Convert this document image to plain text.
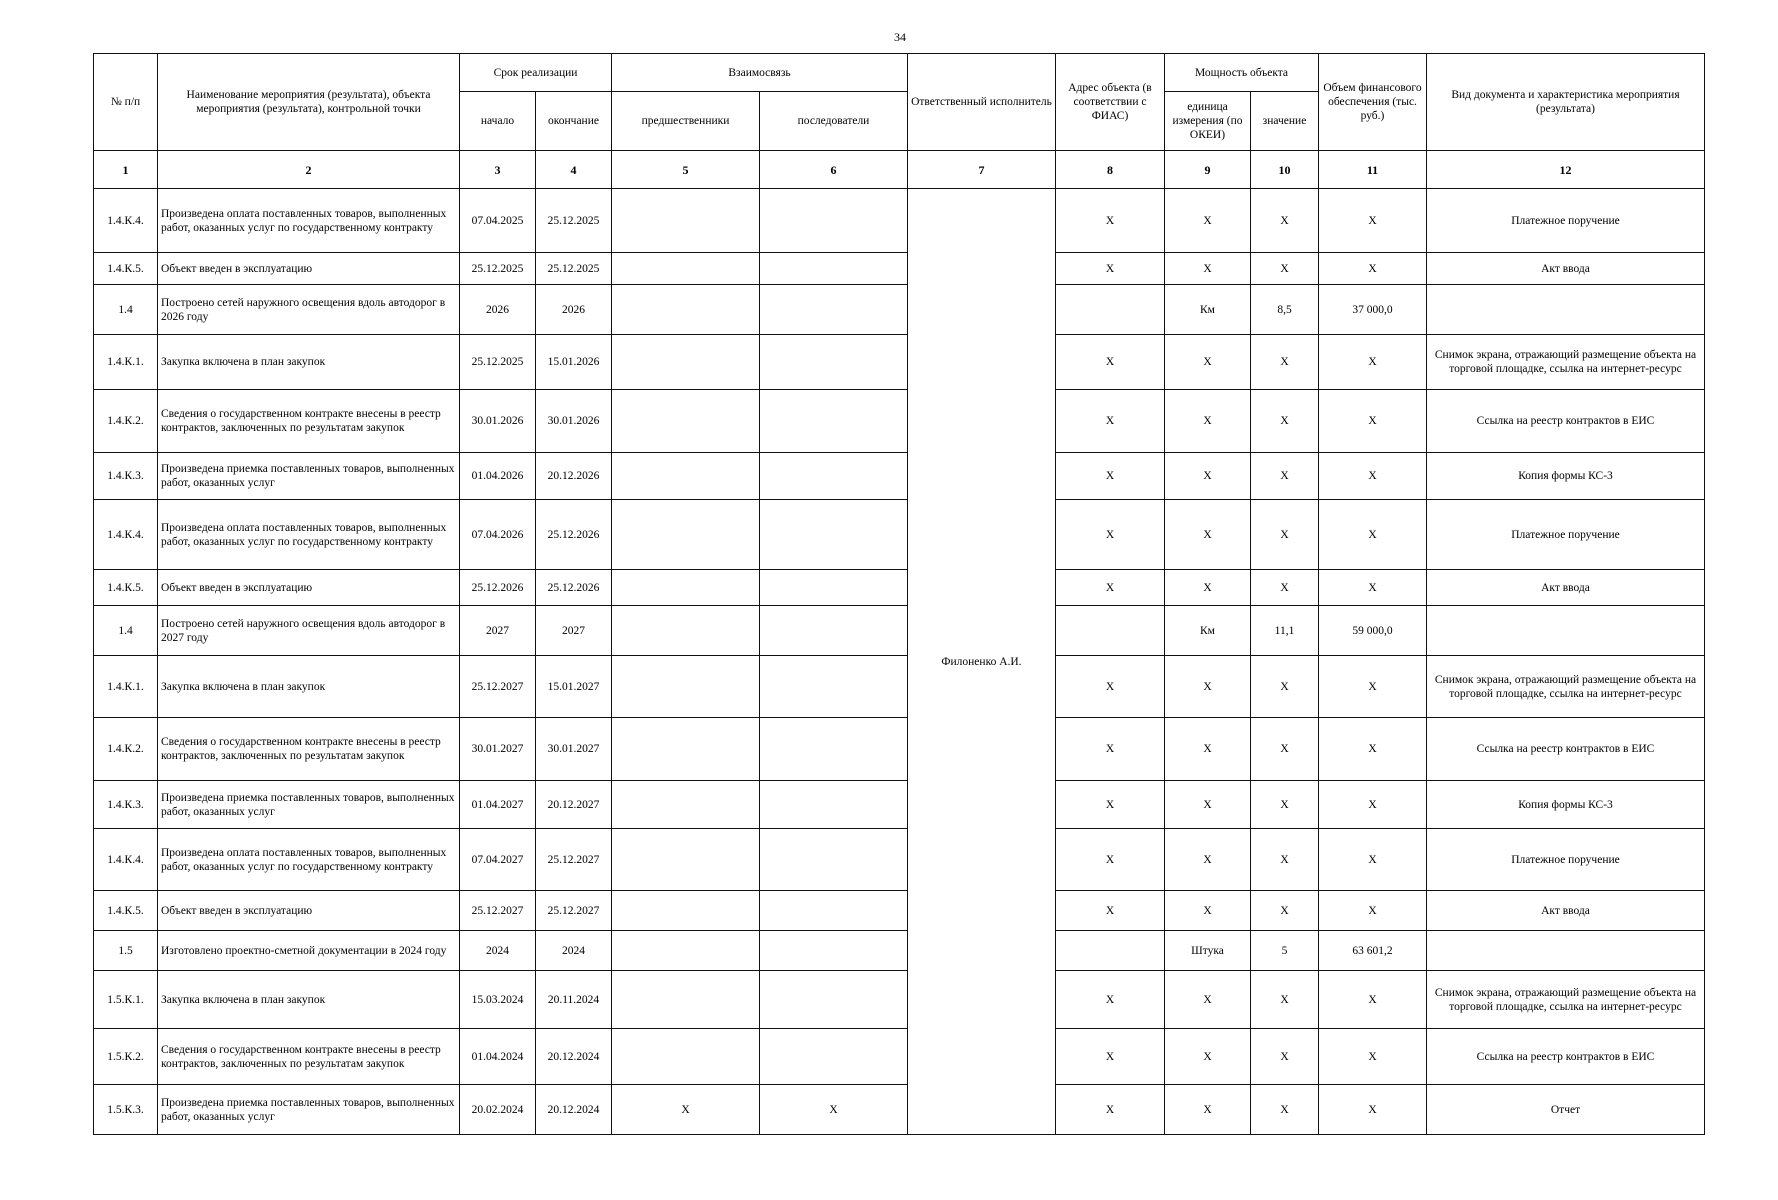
34
№ п/п	Наименование мероприятия (результата), объекта мероприятия (результата), контрольной точки	Срок реализации		Взаимосвязь		Ответственный исполнитель	Адрес объекта (в соответствии с ФИАС)	Мощность объекта		Объем финансового обеспечения (тыс. руб.)	Вид документа и характеристика мероприятия (результата)
		начало	окончание	предшественники	последователи			единица измерения (по ОКЕИ)	значение		
1	2	3	4	5	6	7	8	9	10	11	12
1.4.К.4.	Произведена оплата поставленных товаров, выполненных работ, оказанных услуг по государственному контракту	07.04.2025	25.12.2025			Филоненко А.И.	X	X	X	X	Платежное поручение
1.4.К.5.	Объект введен в эксплуатацию	25.12.2025	25.12.2025				X	X	X	X	Акт ввода
1.4	Построено сетей наружного освещения вдоль автодорог в 2026 году	2026	2026					Км	8,5	37 000,0	
1.4.К.1.	Закупка включена в план закупок	25.12.2025	15.01.2026				X	X	X	X	Снимок экрана, отражающий размещение объекта на торговой площадке, ссылка на интернет-ресурс
1.4.К.2.	Сведения о государственном контракте внесены в реестр контрактов, заключенных по результатам закупок	30.01.2026	30.01.2026				X	X	X	X	Ссылка на реестр контрактов в ЕИС
1.4.К.3.	Произведена приемка поставленных товаров, выполненных работ, оказанных услуг	01.04.2026	20.12.2026				X	X	X	X	Копия формы КС-3
1.4.К.4.	Произведена оплата поставленных товаров, выполненных работ, оказанных услуг по государственному контракту	07.04.2026	25.12.2026				X	X	X	X	Платежное поручение
1.4.К.5.	Объект введен в эксплуатацию	25.12.2026	25.12.2026				X	X	X	X	Акт ввода
1.4	Построено сетей наружного освещения вдоль автодорог в 2027 году	2027	2027					Км	11,1	59 000,0	
1.4.К.1.	Закупка включена в план закупок	25.12.2027	15.01.2027				X	X	X	X	Снимок экрана, отражающий размещение объекта на торговой площадке, ссылка на интернет-ресурс
1.4.К.2.	Сведения о государственном контракте внесены в реестр контрактов, заключенных по результатам закупок	30.01.2027	30.01.2027				X	X	X	X	Ссылка на реестр контрактов в ЕИС
1.4.К.3.	Произведена приемка поставленных товаров, выполненных работ, оказанных услуг	01.04.2027	20.12.2027				X	X	X	X	Копия формы КС-3
1.4.К.4.	Произведена оплата поставленных товаров, выполненных работ, оказанных услуг по государственному контракту	07.04.2027	25.12.2027				X	X	X	X	Платежное поручение
1.4.К.5.	Объект введен в эксплуатацию	25.12.2027	25.12.2027				X	X	X	X	Акт ввода
1.5	Изготовлено проектно-сметной документации в 2024 году	2024	2024					Штука	5	63 601,2	
1.5.К.1.	Закупка включена в план закупок	15.03.2024	20.11.2024				X	X	X	X	Снимок экрана, отражающий размещение объекта на торговой площадке, ссылка на интернет-ресурс
1.5.К.2.	Сведения о государственном контракте внесены в реестр контрактов, заключенных по результатам закупок	01.04.2024	20.12.2024				X	X	X	X	Ссылка на реестр контрактов в ЕИС
1.5.К.3.	Произведена приемка поставленных товаров, выполненных работ, оказанных услуг	20.02.2024	20.12.2024	X	X		X	X	X	X	Отчет
